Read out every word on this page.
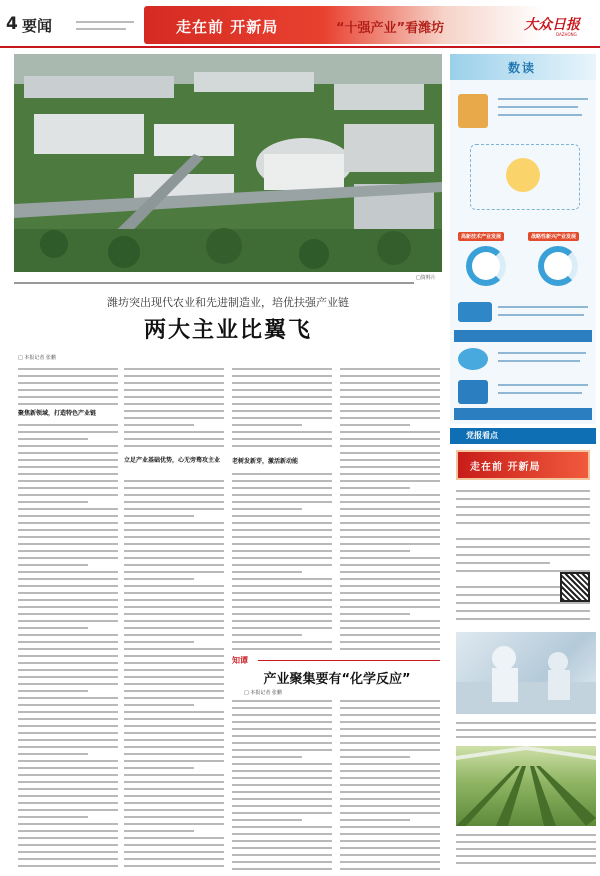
4 要闻	走在前 开新局	“十强产业”看潍坊	大众日报
DAZHONG
□资料片
潍坊突出现代农业和先进制造业，培优扶强产业链
两大主业比翼飞
□ 本报记者 张鹏
聚焦新领域，打造特色产业链
立足产业基础优势，心无旁骛攻主业	老树发新芽，激活新动能
知谭
产业聚集要有“化学反应”
□ 本报记者 张鹏
数读
高新技术产业发展	战略性新兴产业发展
党报看点
走在前 开新局
